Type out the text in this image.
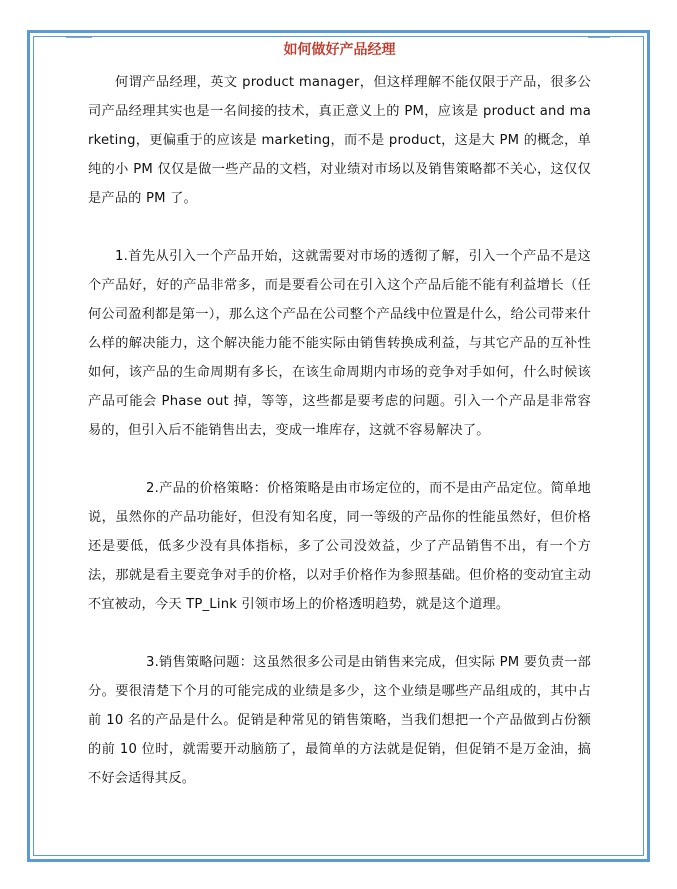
如何做好产品经理

何谓产品经理，英文 product manager，但这样理解不能仅限于产品，很多公司产品经理其实也是一名间接的技术，真正意义上的 PM，应该是 product and marketing，更偏重于的应该是 marketing，而不是 product，这是大 PM 的概念，单纯的小 PM 仅仅是做一些产品的文档，对业绩对市场以及销售策略都不关心，这仅仅是产品的 PM 了。

1.首先从引入一个产品开始，这就需要对市场的透彻了解，引入一个产品不是这个产品好，好的产品非常多，而是要看公司在引入这个产品后能不能有利益增长（任何公司盈利都是第一），那么这个产品在公司整个产品线中位置是什么，给公司带来什么样的解决能力，这个解决能力能不能实际由销售转换成利益，与其它产品的互补性如何，该产品的生命周期有多长，在该生命周期内市场的竞争对手如何，什么时候该产品可能会 Phase out 掉，等等，这些都是要考虑的问题。引入一个产品是非常容易的，但引入后不能销售出去，变成一堆库存，这就不容易解决了。

2.产品的价格策略：价格策略是由市场定位的，而不是由产品定位。简单地说，虽然你的产品功能好，但没有知名度，同一等级的产品你的性能虽然好，但价格还是要低，低多少没有具体指标，多了公司没效益，少了产品销售不出，有一个方法，那就是看主要竞争对手的价格，以对手价格作为参照基础。但价格的变动宜主动不宜被动，今天 TP_Link 引领市场上的价格透明趋势，就是这个道理。

3.销售策略问题：这虽然很多公司是由销售来完成，但实际 PM 要负责一部分。要很清楚下个月的可能完成的业绩是多少，这个业绩是哪些产品组成的，其中占前 10 名的产品是什么。促销是种常见的销售策略，当我们想把一个产品做到占份额的前 10 位时，就需要开动脑筋了，最简单的方法就是促销，但促销不是万金油，搞不好会适得其反。
